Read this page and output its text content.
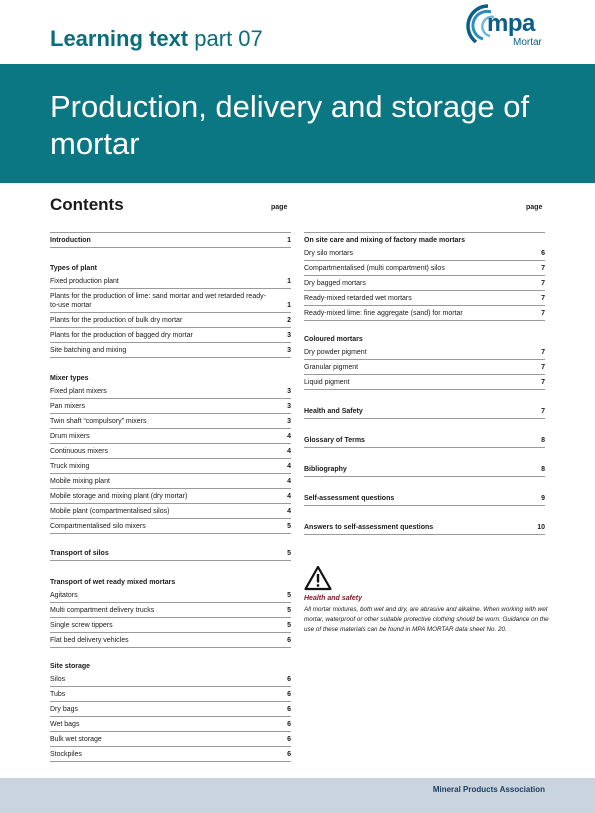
Learning text part 07
mpa
Mortar
Production, delivery and storage of mortar
Contents	page	page
Introduction	1
Types of plant
Fixed production plant	1
Plants for the production of lime: sand mortar and wet retarded ready-to-use mortar	1
Plants for the production of bulk dry mortar	2
Plants for the production of bagged dry mortar	3
Site batching and mixing	3
Mixer types
Fixed plant mixers	3
Pan mixers	3
Twin shaft “compulsory” mixers	3
Drum mixers	4
Continuous mixers	4
Truck mixing	4
Mobile mixing plant	4
Mobile storage and mixing plant (dry mortar)	4
Mobile plant (compartmentalised silos)	4
Compartmentalised silo mixers	5
Transport of silos	5
Transport of wet ready mixed mortars
Agitators	5
Multi compartment delivery trucks	5
Single screw tippers	5
Flat bed delivery vehicles	6
Site storage
Silos	6
Tubs	6
Dry bags	6
Wet bags	6
Bulk wet storage	6
Stockpiles	6
On site care and mixing of factory made mortars
Dry silo mortars	6
Compartmentalised (multi compartment) silos	7
Dry bagged mortars	7
Ready-mixed retarded wet mortars	7
Ready-mixed lime: fine aggregate (sand) for mortar	7
Coloured mortars
Dry powder pigment	7
Granular pigment	7
Liquid pigment	7
Health and Safety	7
Glossary of Terms	8
Bibliography	8
Self-assessment questions	9
Answers to self-assessment questions	10
Health and safety
All mortar mixtures, both wet and dry, are abrasive and alkaline. When working with wet mortar, waterproof or other suitable protective clothing should be worn. Guidance on the use of these materials can be found in MPA MORTAR data sheet No. 20.
Mineral Products Association
